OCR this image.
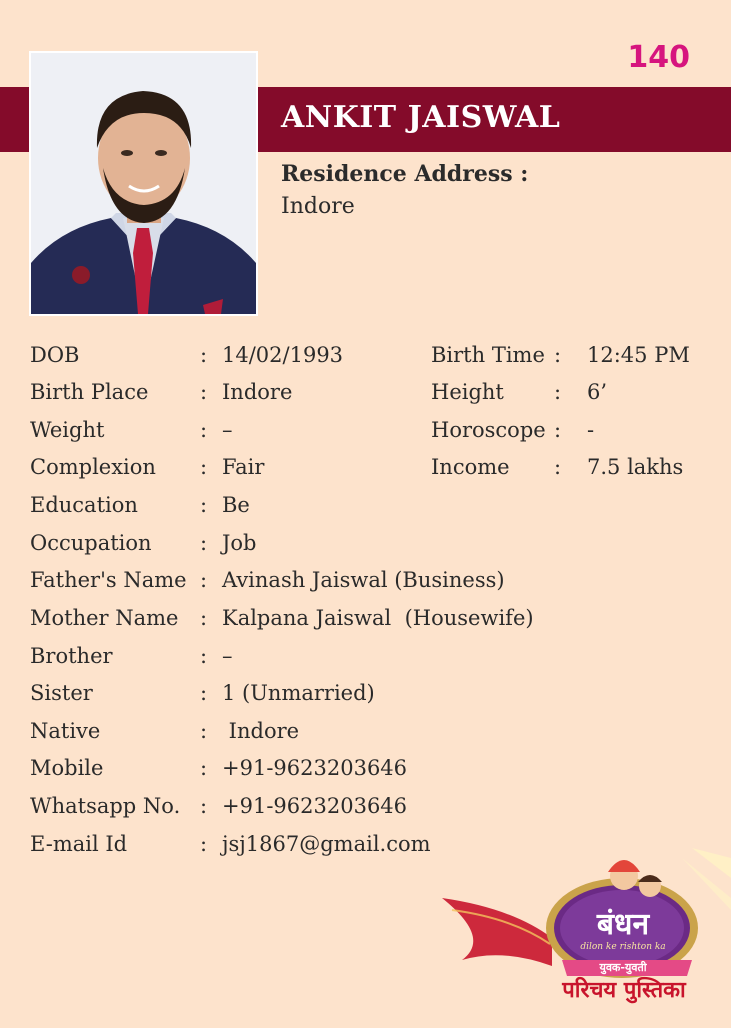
140
ANKIT JAISWAL
Residence Address :
Indore
DOB	: 14/02/1993	Birth Time : 12:45 PM
Birth Place : Indore	Height : 6’
Weight	: –	Horoscope : -
Complexion : Fair	Income : 7.5 lakhs
Education	: Be
Occupation : Job
Father's Name : Avinash Jaiswal (Business)
Mother Name : Kalpana Jaiswal  (Housewife)
Brother	: –
Sister	: 1 (Unmarried)
Native	: Indore
Mobile	: +91-9623203646
Whatsapp No. : +91-9623203646
E-mail Id	: jsj1867@gmail.com
बंधन
dilon ke rishton ka
युवक-युवती
परिचय पुस्तिका
